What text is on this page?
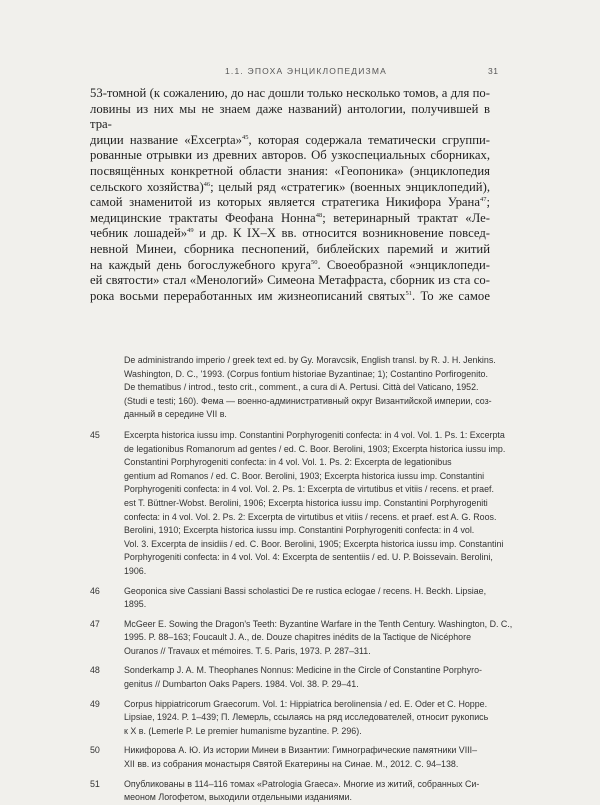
1.1. ЭПОХА ЭНЦИКЛОПЕДИЗМА	31
53-томной (к сожалению, до нас дошли только несколько томов, а для по-
ловины из них мы не знаем даже названий) антологии, получившей в тра-
диции название «Excerpta»$^{45}$, которая содержала тематически сгруппи-
рованные отрывки из древних авторов. Об узкоспециальных сборниках,
посвящённых конкретной области знания: «Геопоника» (энциклопедия
сельского хозяйства)$^{46}$; целый ряд «стратегик» (военных энциклопедий),
самой знаменитой из которых является стратегика Никифора Урана$^{47}$;
медицинские трактаты Феофана Нонна$^{48}$; ветеринарный трактат «Ле-
чебник лошадей»$^{49}$ и др. К IX–X вв. относится возникновение повсед-
невной Минеи, сборника песнопений, библейских паремий и житий
на каждый день богослужебного круга$^{50}$. Своеобразной «энциклопеди-
ей святости» стал «Менологий» Симеона Метафраста, сборник из ста со-
рока восьми переработанных им жизнеописаний святых$^{51}$. То же самое
De administrando imperio / greek text ed. by Gy. Moravcsik, English transl. by R. J. H. Jenkins.
Washington, D. C., '1993. (Corpus fontium historiae Byzantinae; 1); Costantino Porfirogenito.
De thematibus / introd., testo crit., comment., a cura di A. Pertusi. Città del Vaticano, 1952.
(Studi e testi; 160). Фема — военно-административный округ Византийской империи, соз-
данный в середине VII в.
45	Excerpta historica iussu imp. Constantini Porphyrogeniti confecta: in 4 vol. Vol. 1. Ps. 1: Excerpta
de legationibus Romanorum ad gentes / ed. C. Boor. Berolini, 1903; Excerpta historica iussu imp.
Constantini Porphyrogeniti confecta: in 4 vol. Vol. 1. Ps. 2: Excerpta de legationibus
gentium ad Romanos / ed. C. Boor. Berolini, 1903; Excerpta historica iussu imp. Constantini
Porphyrogeniti confecta: in 4 vol. Vol. 2. Ps. 1: Excerpta de virtutibus et vitiis / recens. et praef.
est T. Büttner-Wobst. Berolini, 1906; Excerpta historica iussu imp. Constantini Porphyrogeniti
confecta: in 4 vol. Vol. 2. Ps. 2: Excerpta de virtutibus et vitiis / recens. et praef. est A. G. Roos.
Berolini, 1910; Excerpta historica iussu imp. Constantini Porphyrogeniti confecta: in 4 vol.
Vol. 3. Excerpta de insidiis / ed. C. Boor. Berolini, 1905; Excerpta historica iussu imp. Constantini
Porphyrogeniti confecta: in 4 vol. Vol. 4: Excerpta de sententiis / ed. U. P. Boissevain. Berolini,
1906.
46	Geoponica sive Cassiani Bassi scholastici De re rustica eclogae / recens. H. Beckh. Lipsiae,
1895.
47	McGeer E. Sowing the Dragon's Teeth: Byzantine Warfare in the Tenth Century. Washington, D. C.,
1995. P. 88–163; Foucault J. A., de. Douze chapitres inédits de la Tactique de Nicéphore
Ouranos // Travaux et mémoires. T. 5. Paris, 1973. P. 287–311.
48	Sonderkamp J. A. M. Theophanes Nonnus: Medicine in the Circle of Constantine Porphyro-
genitus // Dumbarton Oaks Papers. 1984. Vol. 38. P. 29–41.
49	Corpus hippiatricorum Graecorum. Vol. 1: Hippiatrica berolinensia / ed. E. Oder et C. Hoppe.
Lipsiae, 1924. P. 1–439; П. Лемерль, ссылаясь на ряд исследователей, относит рукопись
к X в. (Lemerle P. Le premier humanisme byzantine. P. 296).
50	Никифорова А. Ю. Из истории Минеи в Византии: Гимнографические памятники VIII–
XII вв. из собрания монастыря Святой Екатерины на Синае. М., 2012. С. 94–138.
51	Опубликованы в 114–116 томах «Patrologia Graeca». Многие из житий, собранных Си-
меоном Логофетом, выходили отдельными изданиями.
